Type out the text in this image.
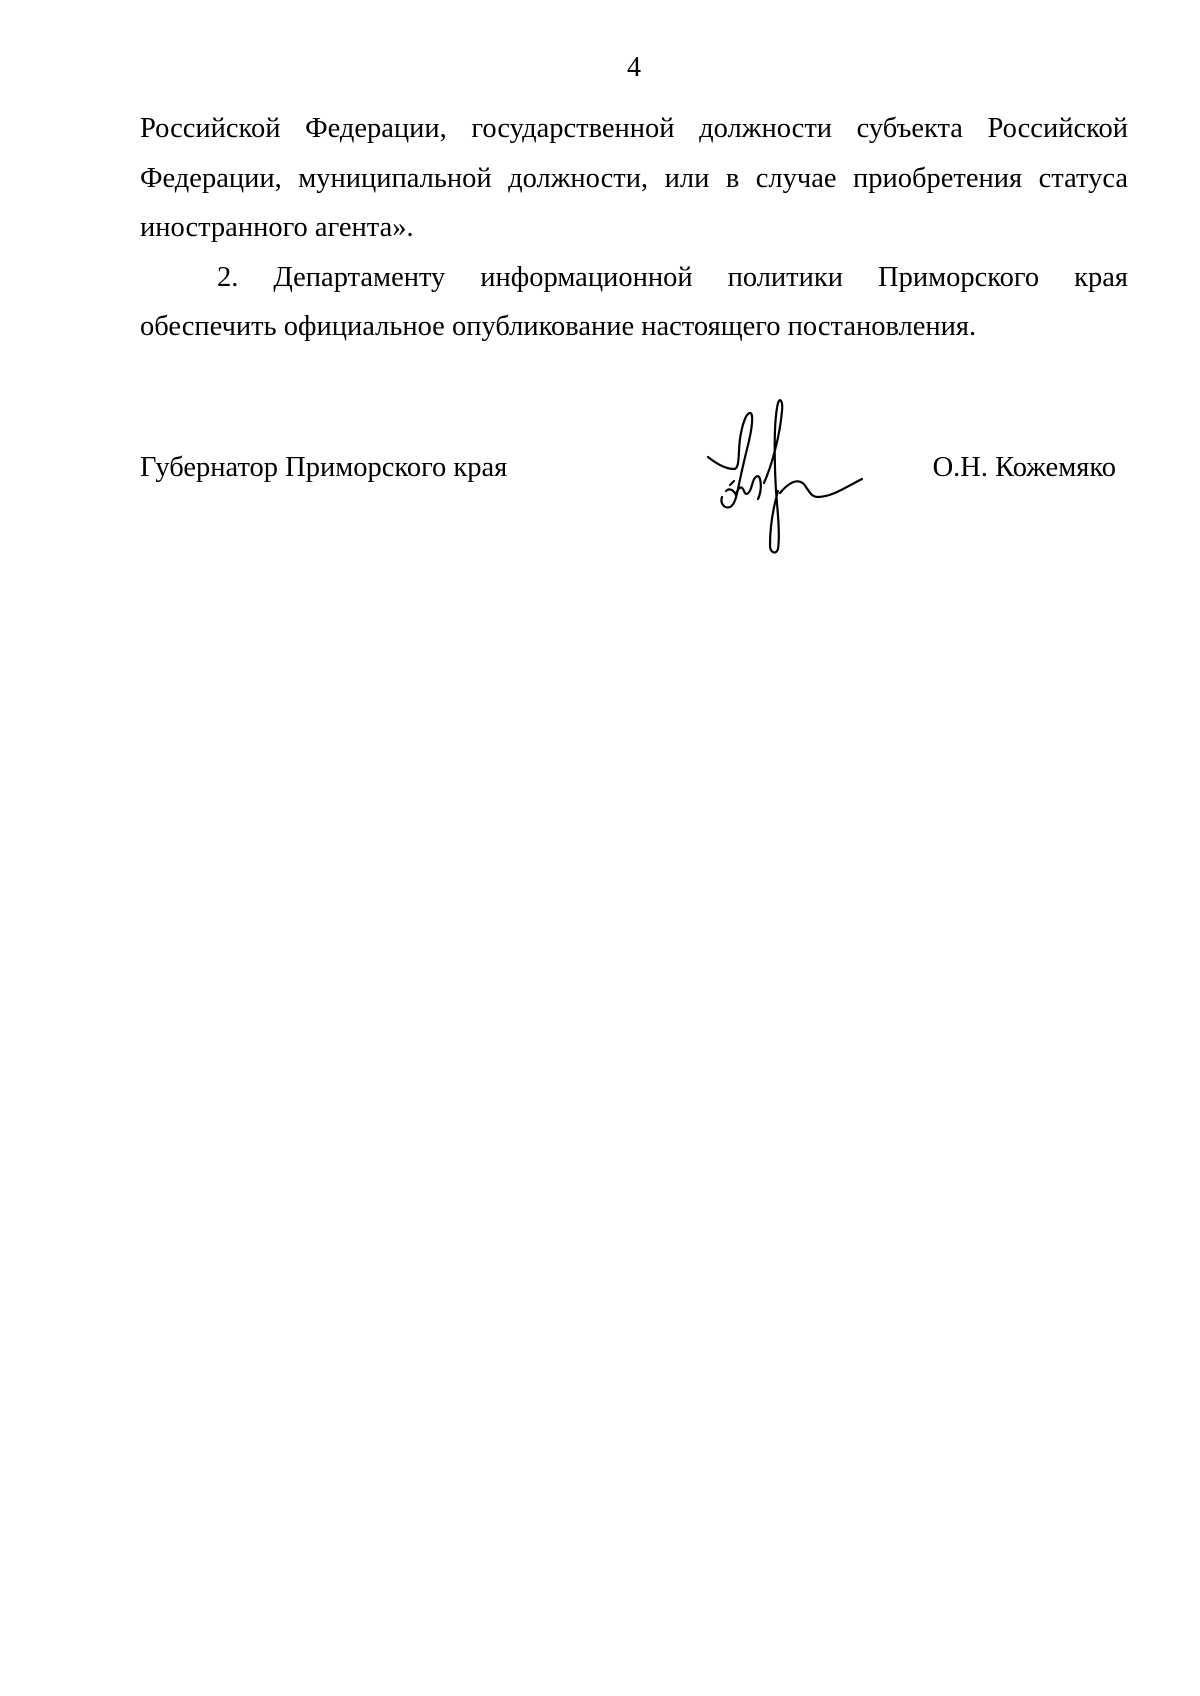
4

Российской Федерации, государственной должности субъекта Российской
Федерации, муниципальной должности, или в случае приобретения статуса
иностранного агента».

2. Департаменту информационной политики Приморского края
обеспечить официальное опубликование настоящего постановления.

Губернатор Приморского края	О.Н. Кожемяко
